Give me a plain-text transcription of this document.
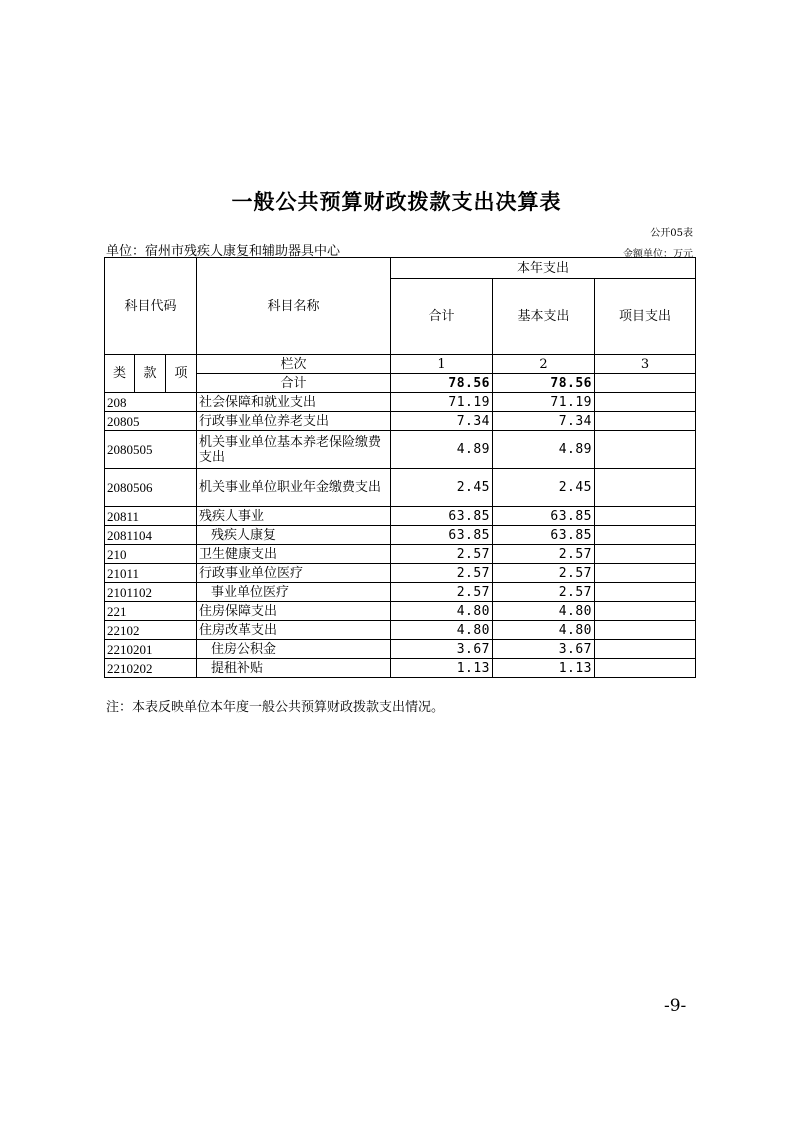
一般公共预算财政拨款支出决算表
公开05表
单位：宿州市残疾人康复和辅助器具中心	金额单位：万元
科目代码			科目名称	本年支出		
				合计	基本支出	项目支出
类	款	项	栏次	1	2	3
			合计	78.56	78.56	
208			社会保障和就业支出	71.19	71.19	
20805			行政事业单位养老支出	7.34	7.34	
2080505			机关事业单位基本养老保险缴费支出	4.89	4.89	
2080506			机关事业单位职业年金缴费支出	2.45	2.45	
20811			残疾人事业	63.85	63.85	
2081104			残疾人康复	63.85	63.85	
210			卫生健康支出	2.57	2.57	
21011			行政事业单位医疗	2.57	2.57	
2101102			事业单位医疗	2.57	2.57	
221			住房保障支出	4.80	4.80	
22102			住房改革支出	4.80	4.80	
2210201			住房公积金	3.67	3.67	
2210202			提租补贴	1.13	1.13	
注：本表反映单位本年度一般公共预算财政拨款支出情况。
-9-
